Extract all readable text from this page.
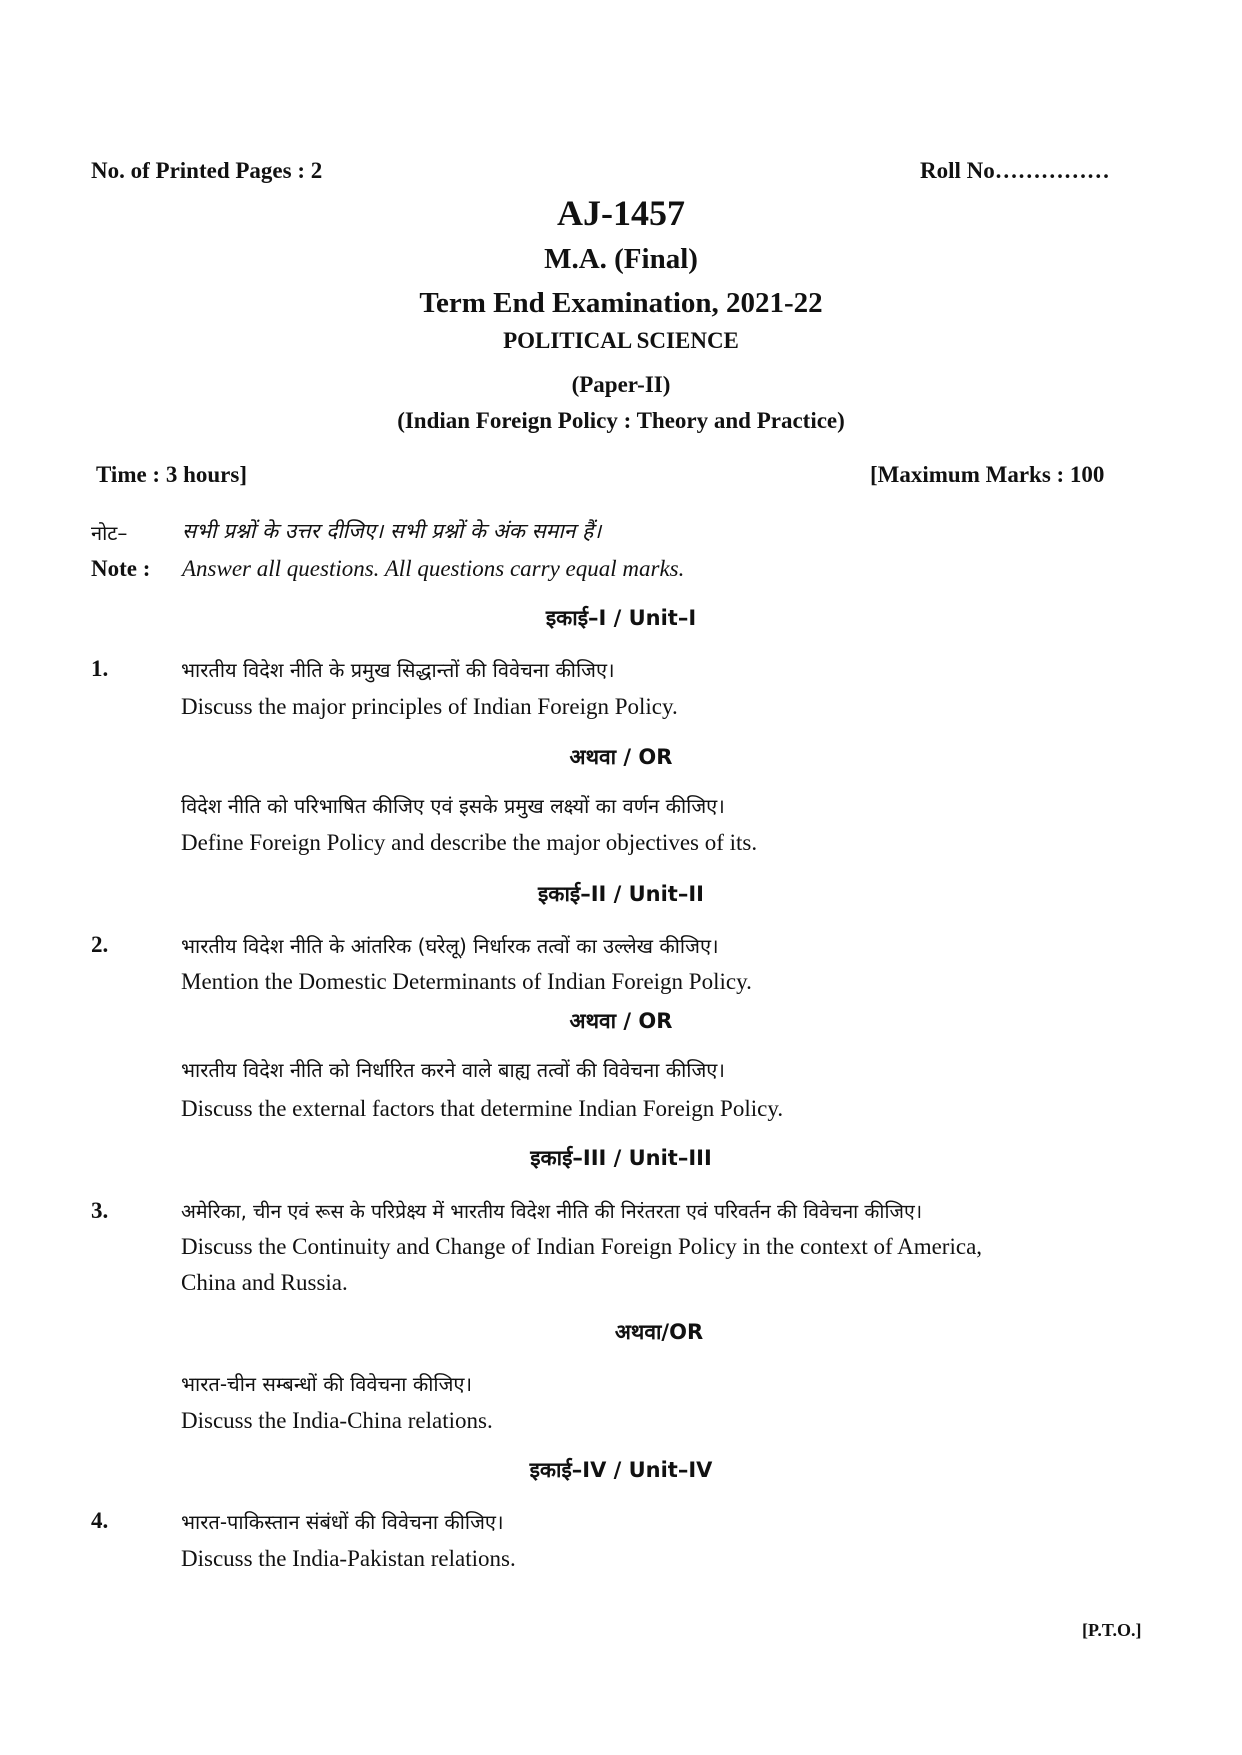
No. of Printed Pages : 2	Roll No……………
AJ-1457
M.A. (Final)
Term End Examination, 2021-22
POLITICAL SCIENCE
(Paper-II)
(Indian Foreign Policy : Theory and Practice)
Time : 3 hours]	[Maximum Marks : 100
नोट–	सभी प्रश्नों के उत्तर दीजिए। सभी प्रश्नों के अंक समान हैं।
Note : Answer all questions. All questions carry equal marks.
इकाई–I / Unit–I
1.	भारतीय विदेश नीति के प्रमुख सिद्धान्तों की विवेचना कीजिए।
Discuss the major principles of Indian Foreign Policy.
अथवा / OR
विदेश नीति को परिभाषित कीजिए एवं इसके प्रमुख लक्ष्यों का वर्णन कीजिए।
Define Foreign Policy and describe the major objectives of its.
इकाई–II / Unit–II
2.	भारतीय विदेश नीति के आंतरिक (घरेलू) निर्धारक तत्वों का उल्लेख कीजिए।
Mention the Domestic Determinants of Indian Foreign Policy.
अथवा / OR
भारतीय विदेश नीति को निर्धारित करने वाले बाह्य तत्वों की विवेचना कीजिए।
Discuss the external factors that determine Indian Foreign Policy.
इकाई–III / Unit–III
3.	अमेरिका, चीन एवं रूस के परिप्रेक्ष्य में भारतीय विदेश नीति की निरंतरता एवं परिवर्तन की विवेचना कीजिए।
Discuss the Continuity and Change of Indian Foreign Policy in the context of America,
China and Russia.
अथवा/OR
भारत-चीन सम्बन्धों की विवेचना कीजिए।
Discuss the India-China relations.
इकाई–IV / Unit–IV
4.	भारत-पाकिस्तान संबंधों की विवेचना कीजिए।
Discuss the India-Pakistan relations.
[P.T.O.]
